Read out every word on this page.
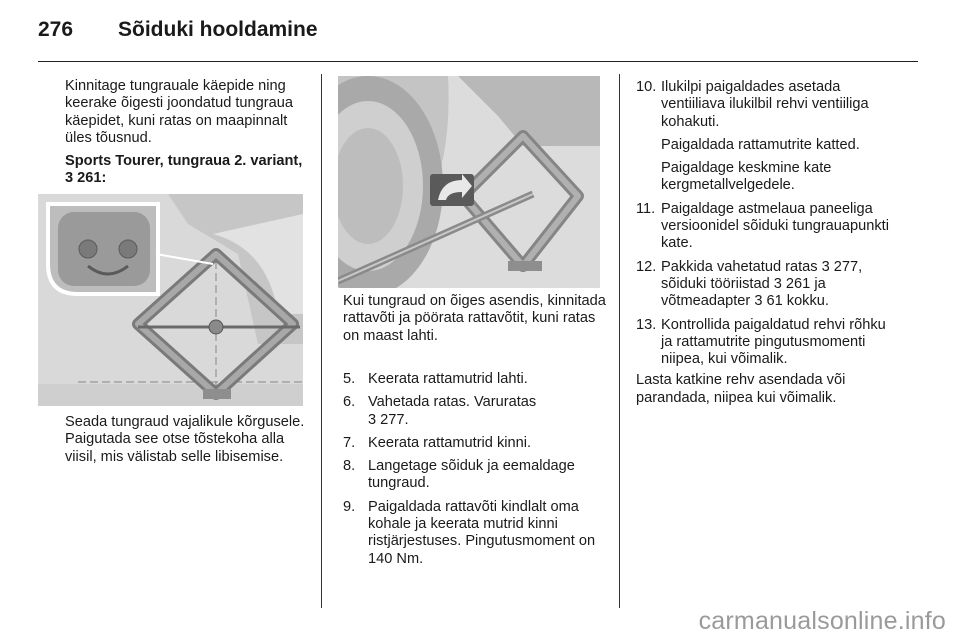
276 Sõiduki hooldamine

Kinnitage tungrauale käepide ning keerake õigesti joondatud tungraua käepidet, kuni ratas on maapinnalt üles tõusnud.

Sports Tourer, tungraua 2. variant, 3 261:

Seada tungraud vajalikule kõrgusele. Paigutada see otse tõstekoha alla viisil, mis välistab selle libisemise.

Kui tungraud on õiges asendis, kinnitada rattavõti ja pöörata rattavõtit, kuni ratas on maast lahti.

5. Keerata rattamutrid lahti.
6. Vahetada ratas. Varuratas
3 277.
7. Keerata rattamutrid kinni.
8. Langetage sõiduk ja eemaldage tungraud.
9. Paigaldada rattavõti kindlalt oma kohale ja keerata mutrid kinni ristjärjestuses. Pingutusmoment on 140 Nm.
10. Ilukilpi paigaldades asetada ventiiliava ilukilbil rehvi ventiiliga kohakuti.
Paigaldada rattamutrite katted.
Paigaldage keskmine kate kergmetallvelgedele.
11. Paigaldage astmelaua paneeliga versioonidel sõiduki tungrauapunkti kate.
12. Pakkida vahetatud ratas 3 277, sõiduki tööriistad 3 261 ja võtmeadapter 3 61 kokku.
13. Kontrollida paigaldatud rehvi rõhku ja rattamutrite pingutusmomenti niipea, kui võimalik.

Lasta katkine rehv asendada või parandada, niipea kui võimalik.

carmanualsonline.info
